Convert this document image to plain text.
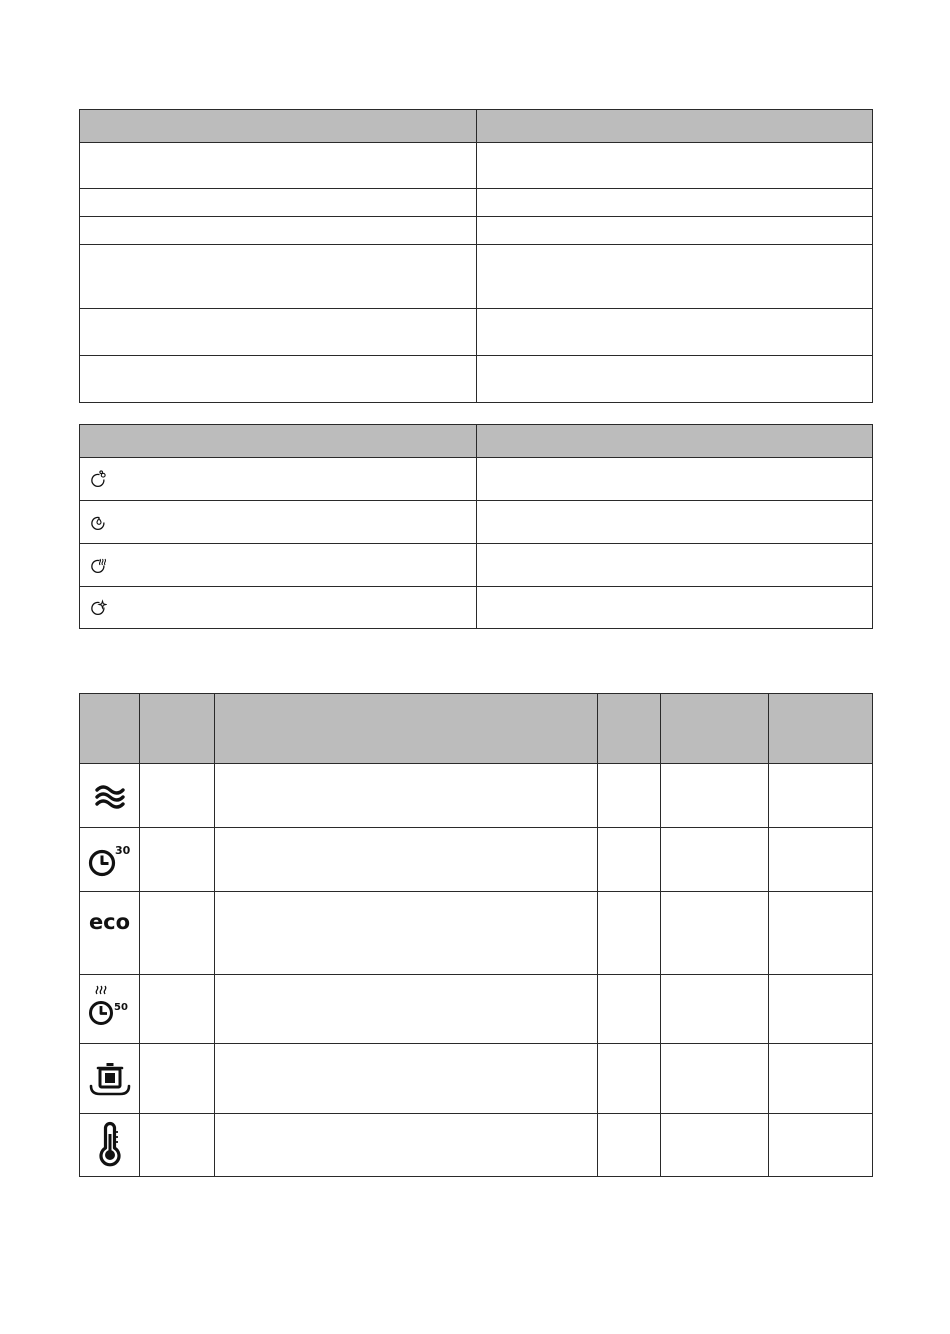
30					

eco					

50					
